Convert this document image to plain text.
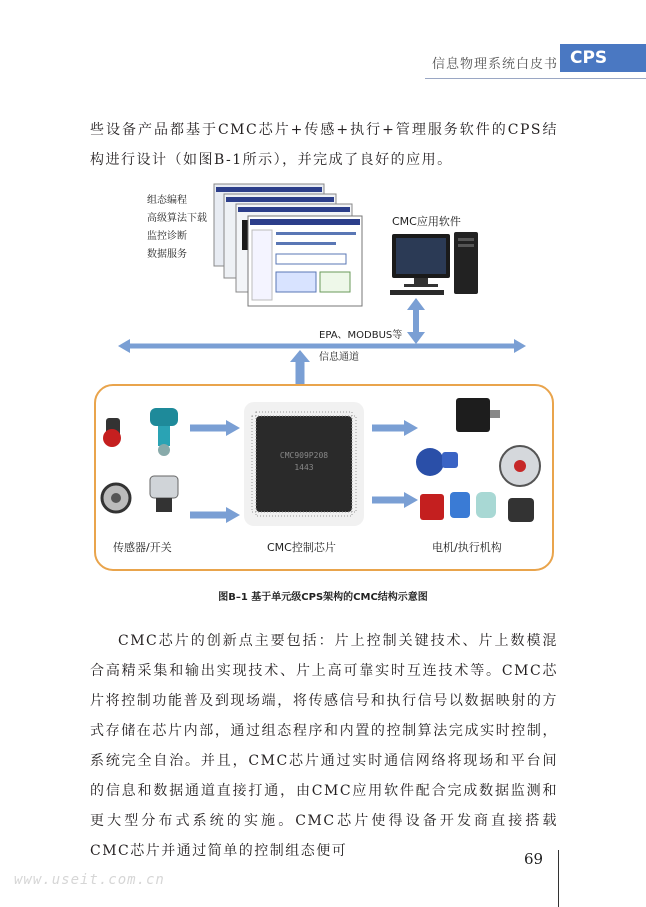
信息物理系统白皮书 CPS

些设备产品都基于CMC芯片+传感+执行+管理服务软件的CPS结构进行设计（如图B-1所示），并完成了良好的应用。

CMC909P208
1443
组态编程
高级算法下载
监控诊断
数据服务
CMC应用软件
EPA、MODBUS等
信息通道
传感器/开关	CMC控制芯片	电机/执行机构
图B–1 基于单元级CPS架构的CMC结构示意图

CMC芯片的创新点主要包括：片上控制关键技术、片上数模混合高精采集和输出实现技术、片上高可靠实时互连技术等。CMC芯片将控制功能普及到现场端，将传感信号和执行信号以数据映射的方式存储在芯片内部，通过组态程序和内置的控制算法完成实时控制，系统完全自治。并且，CMC芯片通过实时通信网络将现场和平台间的信息和数据通道直接打通，由CMC应用软件配合完成数据监测和更大型分布式系统的实施。CMC芯片使得设备开发商直接搭载CMC芯片并通过简单的控制组态便可	69
www.useit.com.cn
